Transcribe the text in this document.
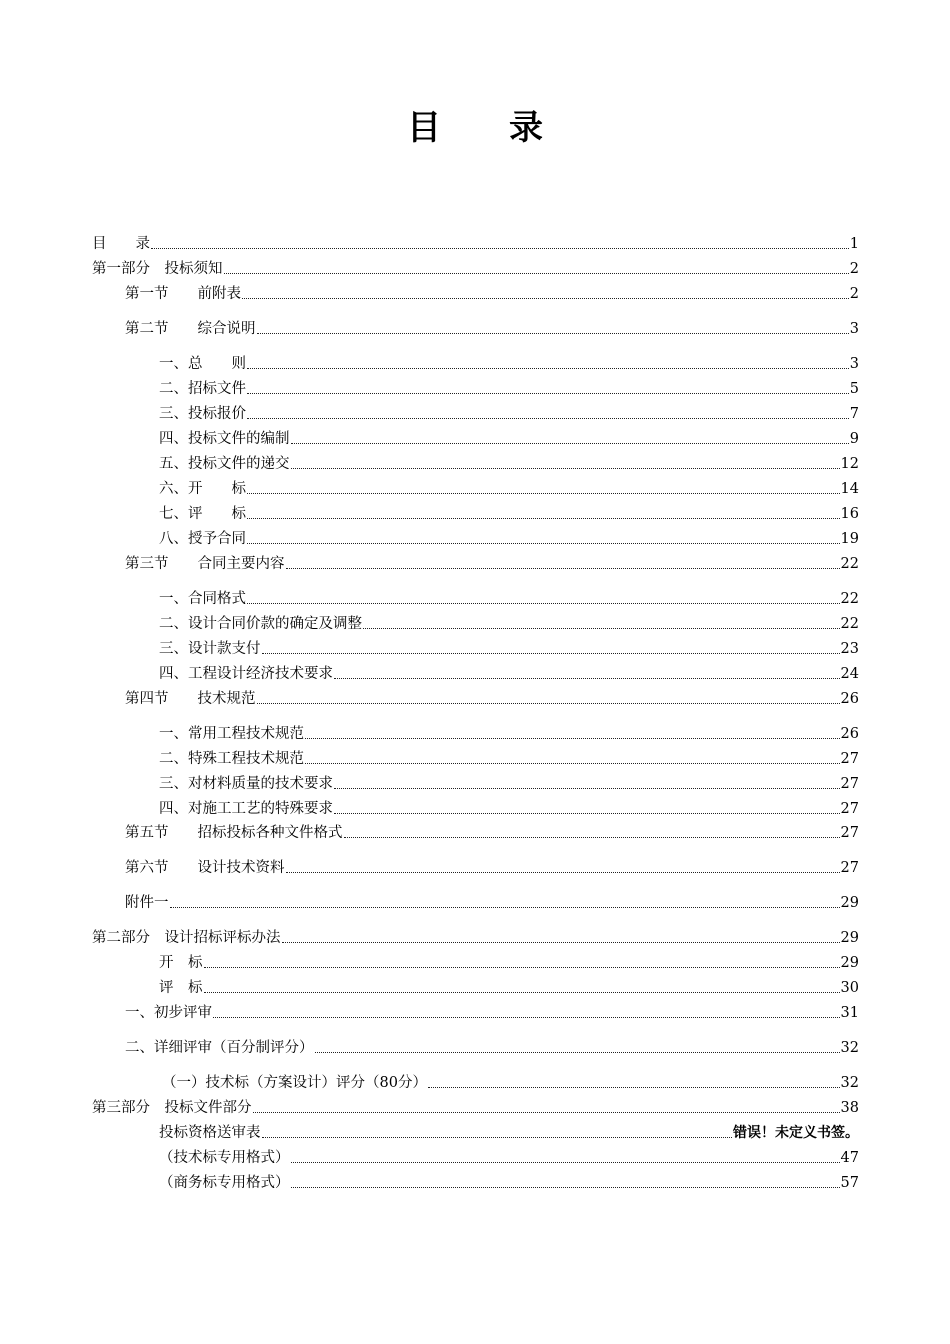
目　　录
目　　录	1
第一部分　投标须知	2
第一节　　前附表	2
第二节　　综合说明	3
一、总　　则	3
二、招标文件	5
三、投标报价	7
四、投标文件的编制	9
五、投标文件的递交	12
六、开　　标	14
七、评　　标	16
八、授予合同	19
第三节　　合同主要内容	22
一、合同格式	22
二、设计合同价款的确定及调整	22
三、设计款支付	23
四、工程设计经济技术要求	24
第四节　　技术规范	26
一、常用工程技术规范	26
二、特殊工程技术规范	27
三、对材料质量的技术要求	27
四、对施工工艺的特殊要求	27
第五节　　招标投标各种文件格式	27
第六节　　设计技术资料	27
附件一	29
第二部分　设计招标评标办法	29
开　标	29
评　标	30
一、初步评审	31
二、详细评审（百分制评分）	32
（一）技术标（方案设计）评分（80分）	32
第三部分　投标文件部分	38
投标资格送审表	错误！未定义书签。
（技术标专用格式）	47
（商务标专用格式）	57
